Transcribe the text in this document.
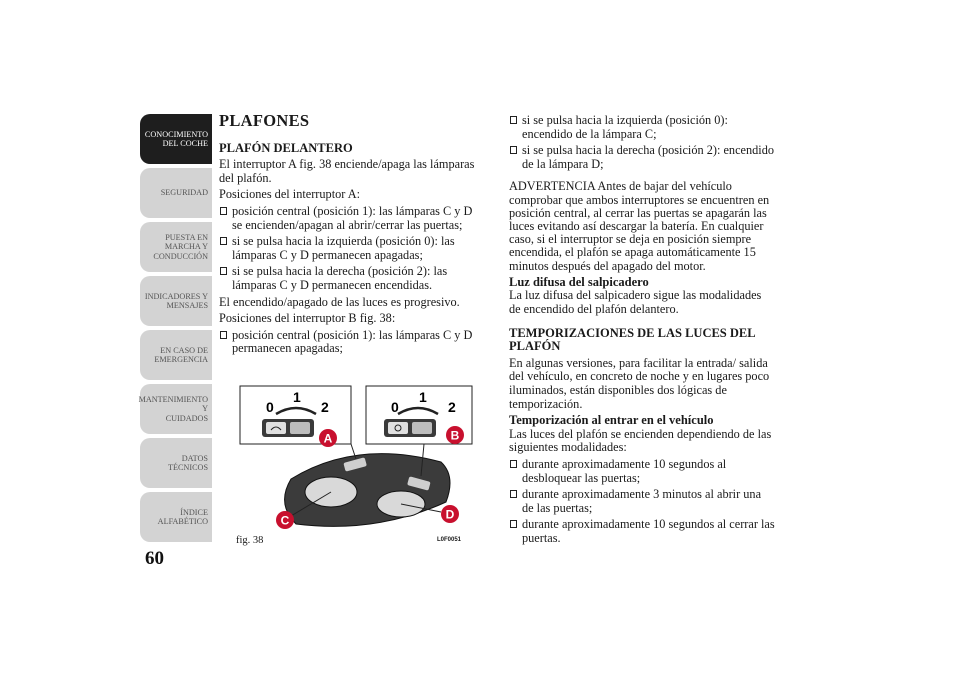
CONOCIMIENTO
DEL COCHE
SEGURIDAD
PUESTA EN
MARCHA Y
CONDUCCIÓN
INDICADORES Y
MENSAJES
EN CASO DE
EMERGENCIA
MANTENIMIENTO Y
CUIDADOS
DATOS TÉCNICOS
ÍNDICE
ALFABÉTICO
60
PLAFONES
PLAFÓN DELANTERO

El interruptor A fig. 38 enciende/apaga las lámparas del plafón.

Posiciones del interruptor A:

posición central (posición 1): las lámparas C y D se encienden/apagan al abrir/cerrar las puertas;
si se pulsa hacia la izquierda (posición 0): las lámparas C y D permanecen apagadas;
si se pulsa hacia la derecha (posición 2): las lámparas C y D permanecen encendidas.

El encendido/apagado de las luces es progresivo.

Posiciones del interruptor B fig. 38:

posición central (posición 1): las lámparas C y D permanecen apagadas;
0
1
2	0
1
2
A	B
C	D
fig. 38	L0F0051
si se pulsa hacia la izquierda (posición 0): encendido de la lámpara C;
si se pulsa hacia la derecha (posición 2): encendido de la lámpara D;

ADVERTENCIA Antes de bajar del vehículo comprobar que ambos interruptores se encuentren en posición central, al cerrar las puertas se apagarán las luces evitando así descargar la batería. En cualquier caso, si el interruptor se deja en posición siempre encendida, el plafón se apaga automáticamente 15 minutos después del apagado del motor.

Luz difusa del salpicadero

La luz difusa del salpicadero sigue las modalidades de encendido del plafón delantero.

TEMPORIZACIONES DE LAS LUCES DEL PLAFÓN

En algunas versiones, para facilitar la entrada/ salida del vehículo, en concreto de noche y en lugares poco iluminados, están disponibles dos lógicas de temporización.

Temporización al entrar en el vehículo

Las luces del plafón se encienden dependiendo de las siguientes modalidades:

durante aproximadamente 10 segundos al desbloquear las puertas;
durante aproximadamente 3 minutos al abrir una de las puertas;
durante aproximadamente 10 segundos al cerrar las puertas.
